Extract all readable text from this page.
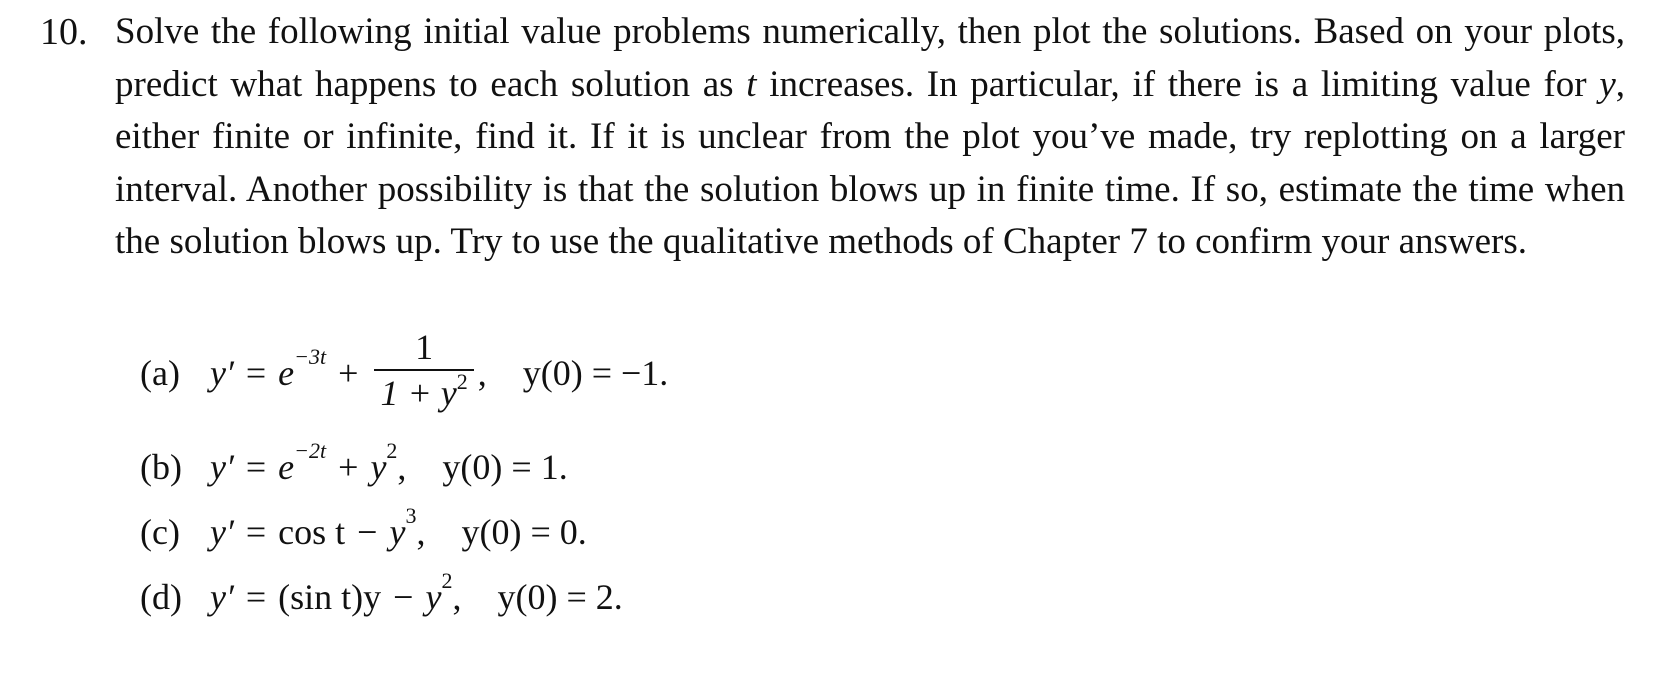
10. Solve the following initial value problems numerically, then plot the solutions. Based on your plots, predict what happens to each solution as t increases. In particular, if there is a limiting value for y, either finite or infinite, find it. If it is unclear from the plot you’ve made, try replotting on a larger interval. Another possibility is that the solution blows up in finite time. If so, estimate the time when the solution blows up. Try to use the qualitative methods of Chapter 7 to confirm your answers.

(a) $y' = e -3t + \frac{1}{1 + y^2}$ , y(0) = −1.
(b) y′ = e −2t + y 2 , y(0) = 1.
(c) y′ = cos t − y 3 , y(0) = 0.
(d) y′ = (sin t)y − y 2 , y(0) = 2.
